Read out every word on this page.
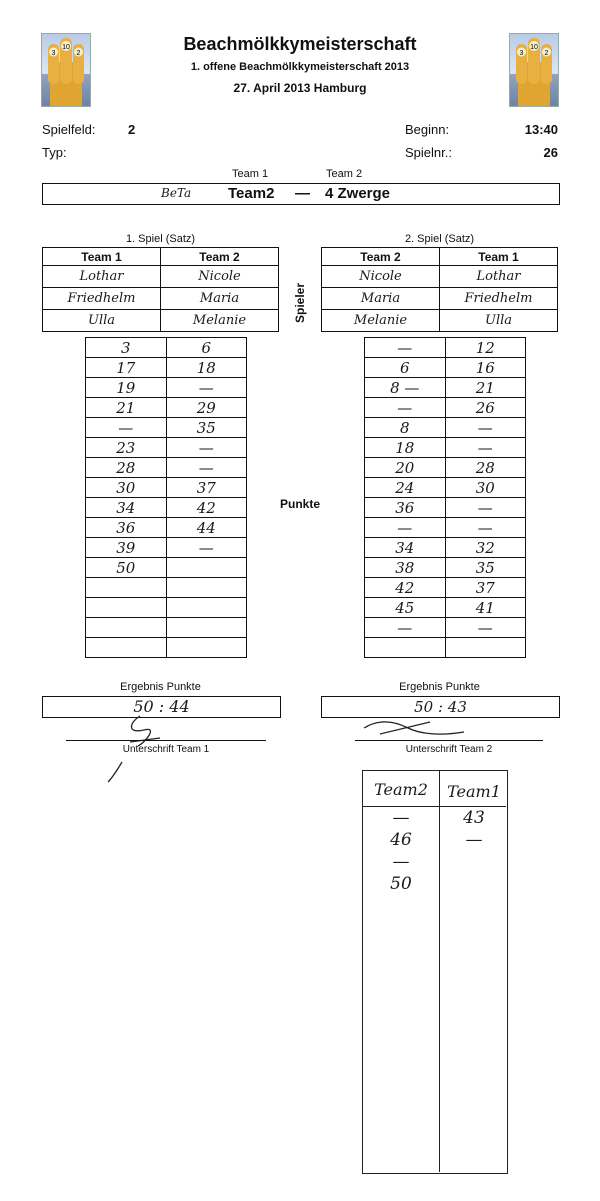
3
10
2	3
10
2
Beachmölkkymeisterschaft
1. offene Beachmölkkymeisterschaft 2013
27. April 2013 Hamburg
Spielfeld:	2
Typ:
Beginn:	13:40
Spielnr.:	26
Team 1	Team 2
BeTa Team2 — 4 Zwerge
1. Spiel (Satz)
Team 1	Team 2
Lothar	Nicole
Friedhelm	Maria
Ulla	Melanie
3	6
17	18
19	—
21	29
—	35
23	—
28	—
30	37
34	42
36	44
39	—
50	

Ergebnis Punkte
50 : 44
Unterschrift Team 1
Spieler
Punkte
2. Spiel (Satz)
Team 2	Team 1
Nicole	Lothar
Maria	Friedhelm
Melanie	Ulla
—	12
6	16
8 —	21
—	26
8	—
18	—
20	28
24	30
36	—
—	—
34	32
38	35
42	37
45	41
—	—

Ergebnis Punkte
50 : 43
Unterschrift Team 2
Team2	Team1
—	43
46	—
—
50
